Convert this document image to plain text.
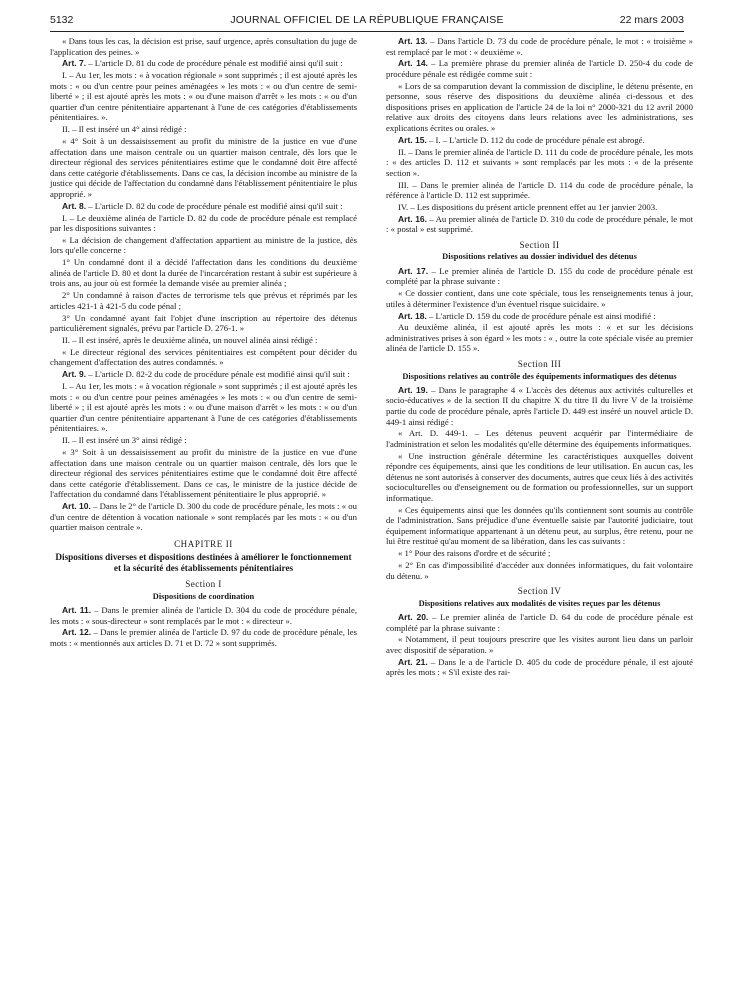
5132	JOURNAL OFFICIEL DE LA RÉPUBLIQUE FRANÇAISE	22 mars 2003

« Dans tous les cas, la décision est prise, sauf urgence, après consultation du juge de l'application des peines. »

Art. 7. – L'article D. 81 du code de procédure pénale est modifié ainsi qu'il suit :

I. – Au 1er, les mots : « à vocation régionale » sont supprimés ; il est ajouté après les mots : « ou d'un centre pour peines aménagées » les mots : « ou d'un centre de semi-liberté » ; il est ajouté après les mots : « ou d'une maison d'arrêt » les mots : « ou d'un quartier d'un centre pénitentiaire appartenant à l'une de ces catégories d'établissements pénitentiaires. ».

II. – Il est inséré un 4° ainsi rédigé :

« 4° Soit à un dessaisissement au profit du ministre de la justice en vue d'une affectation dans une maison centrale ou un quartier maison centrale, dès lors que le directeur régional des services pénitentiaires estime que le condamné doit être affecté dans cette catégorie d'établissements. Dans ce cas, la décision incombe au ministre de la justice qui décide de l'affectation du condamné dans l'établissement pénitentiaire le plus approprié. »

Art. 8. – L'article D. 82 du code de procédure pénale est modifié ainsi qu'il suit :

I. – Le deuxième alinéa de l'article D. 82 du code de procédure pénale est remplacé par les dispositions suivantes :

« La décision de changement d'affectation appartient au ministre de la justice, dès lors qu'elle concerne :

1° Un condamné dont il a décidé l'affectation dans les conditions du deuxième alinéa de l'article D. 80 et dont la durée de l'incarcération restant à subir est supérieure à trois ans, au jour où est formée la demande visée au premier alinéa ;

2° Un condamné à raison d'actes de terrorisme tels que prévus et réprimés par les articles 421-1 à 421-5 du code pénal ;

3° Un condamné ayant fait l'objet d'une inscription au répertoire des détenus particulièrement signalés, prévu par l'article D. 276-1. »

II. – Il est inséré, après le deuxième alinéa, un nouvel alinéa ainsi rédigé :

« Le directeur régional des services pénitentiaires est compétent pour décider du changement d'affectation des autres condamnés. »

Art. 9. – L'article D. 82-2 du code de procédure pénale est modifié ainsi qu'il suit :

I. – Au 1er, les mots : « à vocation régionale » sont supprimés ; il est ajouté après les mots : « ou d'un centre pour peines aménagées » les mots : « ou d'un centre de semi-liberté » ; il est ajouté après les mots : « ou d'une maison d'arrêt » les mots : « ou d'un quartier d'un centre pénitentiaire appartenant à l'une de ces catégories d'établissements pénitentiaires. ».

II. – Il est inséré un 3° ainsi rédigé :

« 3° Soit à un dessaisissement au profit du ministre de la justice en vue d'une affectation dans une maison centrale ou un quartier maison centrale, dès lors que le directeur régional des services pénitentiaires estime que le condamné doit être affecté dans cette catégorie d'établissement. Dans ce cas, le ministre de la justice décide de l'affectation du condamné dans l'établissement pénitentiaire le plus approprié. »

Art. 10. – Dans le 2° de l'article D. 300 du code de procédure pénale, les mots : « ou d'un centre de détention à vocation nationale » sont remplacés par les mots : « ou d'un quartier maison centrale ».

CHAPITRE II
Dispositions diverses et dispositions destinées à améliorer le fonctionnement et la sécurité des établissements pénitentiaires
Section I
Dispositions de coordination

Art. 11. – Dans le premier alinéa de l'article D. 304 du code de procédure pénale, les mots : « sous-directeur » sont remplacés par le mot : « directeur ».

Art. 12. – Dans le premier alinéa de l'article D. 97 du code de procédure pénale, les mots : « mentionnés aux articles D. 71 et D. 72 » sont supprimés.

Art. 13. – Dans l'article D. 73 du code de procédure pénale, le mot : « troisième » est remplacé par le mot : « deuxième ».

Art. 14. – La première phrase du premier alinéa de l'article D. 250-4 du code de procédure pénale est rédigée comme suit :

« Lors de sa comparution devant la commission de discipline, le détenu présente, en personne, sous réserve des dispositions du deuxième alinéa ci-dessous et des dispositions prises en application de l'article 24 de la loi n° 2000-321 du 12 avril 2000 relative aux droits des citoyens dans leurs relations avec les administrations, ses explications écrites ou orales. »

Art. 15. – I. – L'article D. 112 du code de procédure pénale est abrogé.

II. – Dans le premier alinéa de l'article D. 111 du code de procédure pénale, les mots : « des articles D. 112 et suivants » sont remplacés par les mots : « de la présente section ».

III. – Dans le premier alinéa de l'article D. 114 du code de procédure pénale, la référence à l'article D. 112 est supprimée.

IV. – Les dispositions du présent article prennent effet au 1er janvier 2003.

Art. 16. – Au premier alinéa de l'article D. 310 du code de procédure pénale, le mot : « postal » est supprimé.

Section II
Dispositions relatives au dossier individuel des détenus

Art. 17. – Le premier alinéa de l'article D. 155 du code de procédure pénale est complété par la phrase suivante :

« Ce dossier contient, dans une cote spéciale, tous les renseignements tenus à jour, utiles à déterminer l'existence d'un éventuel risque suicidaire. »

Art. 18. – L'article D. 159 du code de procédure pénale est ainsi modifié :

Au deuxième alinéa, il est ajouté après les mots : « et sur les décisions administratives prises à son égard » les mots : « , outre la cote spéciale visée au premier alinéa de l'article D. 155 ».

Section III
Dispositions relatives au contrôle des équipements informatiques des détenus

Art. 19. – Dans le paragraphe 4 « L'accès des détenus aux activités culturelles et socio-éducatives » de la section II du chapitre X du titre II du livre V de la troisième partie du code de procédure pénale, après l'article D. 449 est inséré un nouvel article D. 449-1 ainsi rédigé :

« Art. D. 449-1. – Les détenus peuvent acquérir par l'intermédiaire de l'administration et selon les modalités qu'elle détermine des équipements informatiques.

« Une instruction générale détermine les caractéristiques auxquelles doivent répondre ces équipements, ainsi que les conditions de leur utilisation. En aucun cas, les détenus ne sont autorisés à conserver des documents, autres que ceux liés à des activités socioculturelles ou d'enseignement ou de formation ou professionnelles, sur un support informatique.

« Ces équipements ainsi que les données qu'ils contiennent sont soumis au contrôle de l'administration. Sans préjudice d'une éventuelle saisie par l'autorité judiciaire, tout équipement informatique appartenant à un détenu peut, au surplus, être retenu, pour ne lui être restitué qu'au moment de sa libération, dans les cas suivants :

« 1° Pour des raisons d'ordre et de sécurité ;

« 2° En cas d'impossibilité d'accéder aux données informatiques, du fait volontaire du détenu. »

Section IV
Dispositions relatives aux modalités de visites reçues par les détenus

Art. 20. – Le premier alinéa de l'article D. 64 du code de procédure pénale est complété par la phrase suivante :

« Notamment, il peut toujours prescrire que les visites auront lieu dans un parloir avec dispositif de séparation. »

Art. 21. – Dans le a de l'article D. 405 du code de procédure pénale, il est ajouté après les mots : « S'il existe des rai-
